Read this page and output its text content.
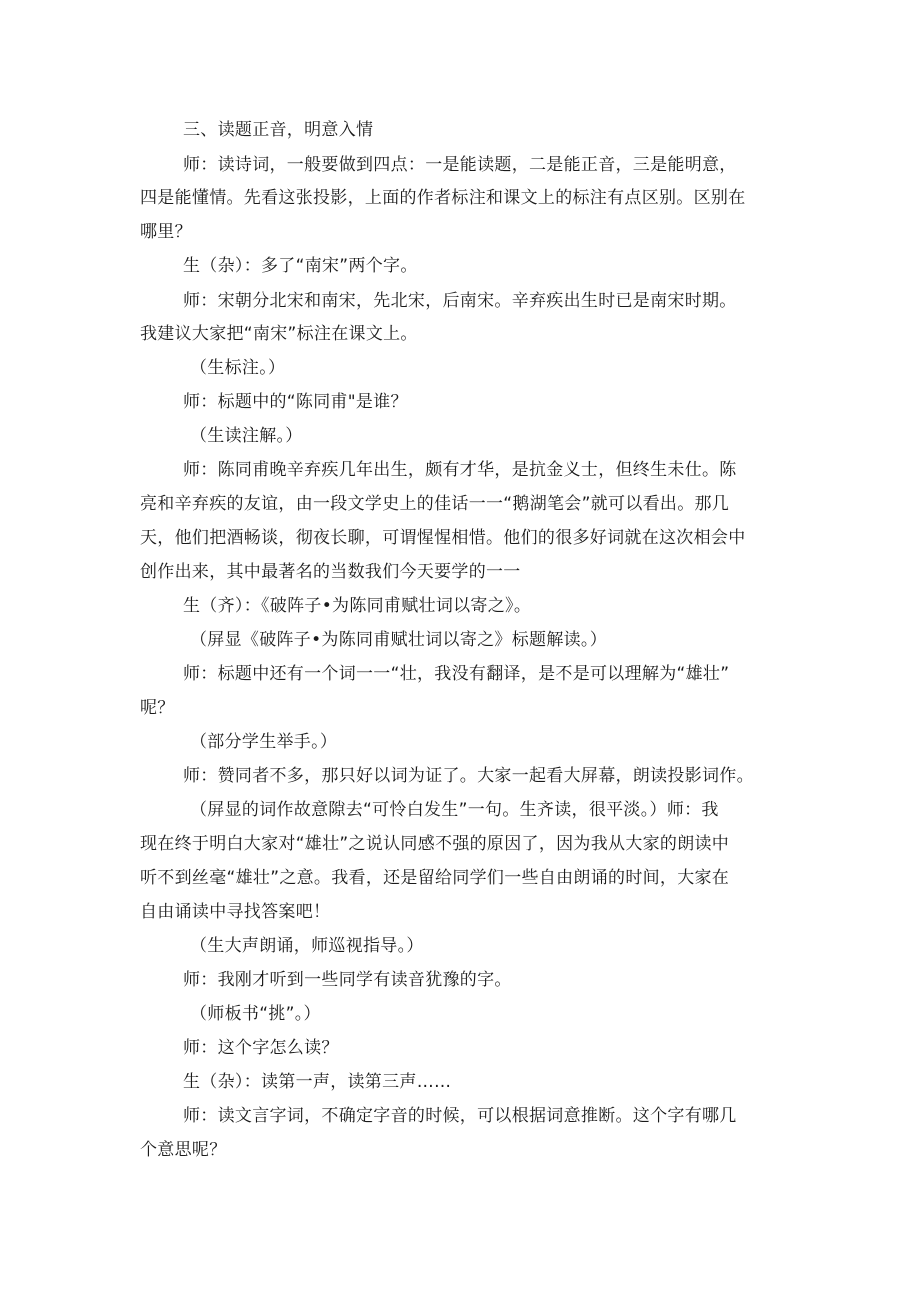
三、读题正音，明意入情
师：读诗词，一般要做到四点：一是能读题，二是能正音，三是能明意，
四是能懂情。先看这张投影，上面的作者标注和课文上的标注有点区别。区别在
哪里？
生（杂）：多了“南宋”两个字。
师：宋朝分北宋和南宋，先北宋，后南宋。辛弃疾出生时已是南宋时期。
我建议大家把“南宋”标注在课文上。
（生标注。）
师：标题中的“陈同甫"是谁？
（生读注解。）
师：陈同甫晚辛弃疾几年出生，颇有才华，是抗金义士，但终生未仕。陈
亮和辛弃疾的友谊，由一段文学史上的佳话一一“鹅湖笔会”就可以看出。那几
天，他们把酒畅谈，彻夜长聊，可谓惺惺相惜。他们的很多好词就在这次相会中
创作出来，其中最著名的当数我们今天要学的一一
生（齐）：《破阵子•为陈同甫赋壮词以寄之》。
（屏显《破阵子•为陈同甫赋壮词以寄之》标题解读。）
师：标题中还有一个词一一“壮，我没有翻译，是不是可以理解为“雄壮”
呢？
（部分学生举手。）
师：赞同者不多，那只好以词为证了。大家一起看大屏幕，朗读投影词作。
（屏显的词作故意隙去“可怜白发生”一句。生齐读，很平淡。）师：我
现在终于明白大家对“雄壮”之说认同感不强的原因了，因为我从大家的朗读中
听不到丝毫“雄壮”之意。我看，还是留给同学们一些自由朗诵的时间，大家在
自由诵读中寻找答案吧！
（生大声朗诵，师巡视指导。）
师：我刚才听到一些同学有读音犹豫的字。
（师板书“挑”。）
师：这个字怎么读？
生（杂）：读第一声，读第三声……
师：读文言字词，不确定字音的时候，可以根据词意推断。这个字有哪几
个意思呢？
